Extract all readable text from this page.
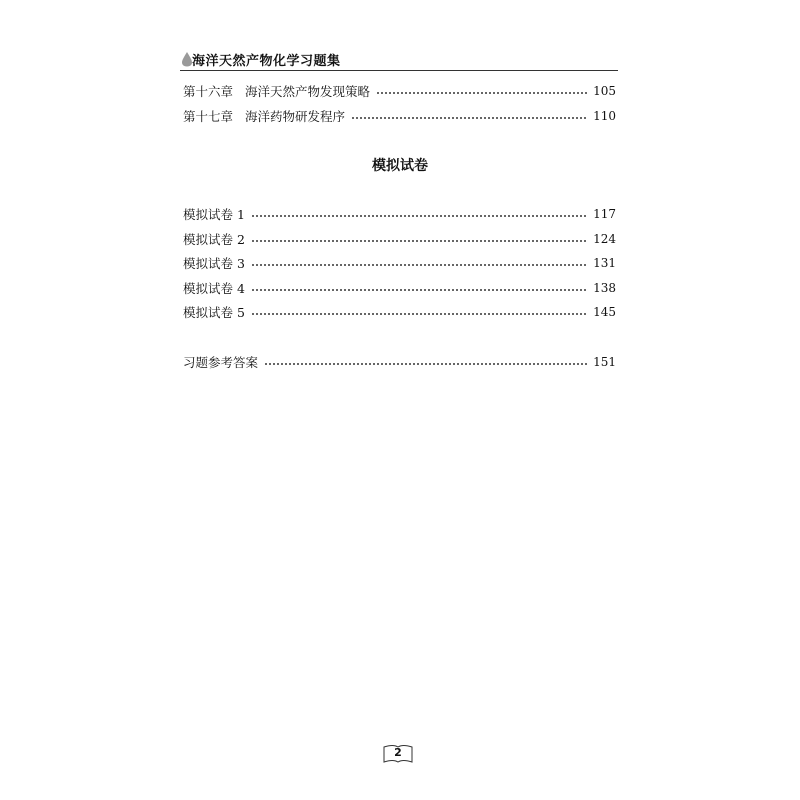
海洋天然产物化学习题集
第十六章 海洋天然产物发现策略	105
第十七章 海洋药物研发程序	110
模拟试卷
模拟试卷 1	117
模拟试卷 2	124
模拟试卷 3	131
模拟试卷 4	138
模拟试卷 5	145
习题参考答案	151
2
